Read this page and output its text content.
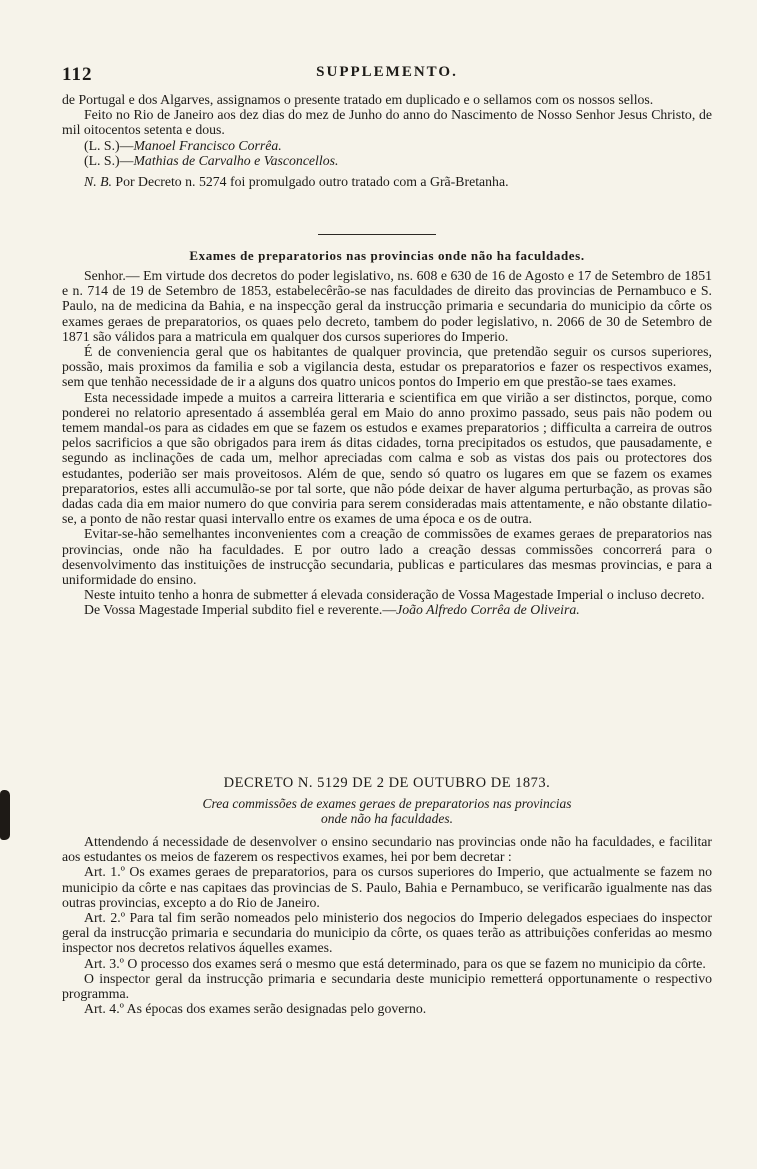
112	SUPPLEMENTO.

de Portugal e dos Algarves, assignamos o presente tratado em duplicado e o sellamos com os nossos sellos.

Feito no Rio de Janeiro aos dez dias do mez de Junho do anno do Nascimento de Nosso Senhor Jesus Christo, de mil oitocentos setenta e dous.

(L. S.)—Manoel Francisco Corrêa.

(L. S.)—Mathias de Carvalho e Vasconcellos.

N. B. Por Decreto n. 5274 foi promulgado outro tratado com a Grã-Bretanha.

Exames de preparatorios nas provincias onde não ha faculdades.

Senhor.— Em virtude dos decretos do poder legislativo, ns. 608 e 630 de 16 de Agosto e 17 de Setembro de 1851 e n. 714 de 19 de Setembro de 1853, estabelecêrão-se nas faculdades de direito das provincias de Pernambuco e S. Paulo, na de medicina da Bahia, e na inspecção geral da instrucção primaria e secundaria do municipio da côrte os exames geraes de preparatorios, os quaes pelo decreto, tambem do poder legislativo, n. 2066 de 30 de Setembro de 1871 são válidos para a matricula em qualquer dos cursos superiores do Imperio.

É de conveniencia geral que os habitantes de qualquer provincia, que pretendão seguir os cursos superiores, possão, mais proximos da familia e sob a vigilancia desta, estudar os preparatorios e fazer os respectivos exames, sem que tenhão necessidade de ir a alguns dos quatro unicos pontos do Imperio em que prestão-se taes exames.

Esta necessidade impede a muitos a carreira litteraria e scientifica em que virião a ser distinctos, porque, como ponderei no relatorio apresentado á assembléa geral em Maio do anno proximo passado, seus pais não podem ou temem mandal-os para as cidades em que se fazem os estudos e exames preparatorios ; difficulta a carreira de outros pelos sacrificios a que são obrigados para irem ás ditas cidades, torna precipitados os estudos, que pausadamente, e segundo as inclinações de cada um, melhor apreciadas com calma e sob as vistas dos pais ou protectores dos estudantes, poderião ser mais proveitosos. Além de que, sendo só quatro os lugares em que se fazem os exames preparatorios, estes alli accumulão-se por tal sorte, que não póde deixar de haver alguma perturbação, as provas são dadas cada dia em maior numero do que conviria para serem consideradas mais attentamente, e não obstante dilatio-se, a ponto de não restar quasi intervallo entre os exames de uma época e os de outra.

Evitar-se-hão semelhantes inconvenientes com a creação de commissões de exames geraes de preparatorios nas provincias, onde não ha faculdades. E por outro lado a creação dessas commissões concorrerá para o desenvolvimento das instituições de instrucção secundaria, publicas e particulares das mesmas provincias, e para a uniformidade do ensino.

Neste intuito tenho a honra de submetter á elevada consideração de Vossa Magestade Imperial o incluso decreto.

De Vossa Magestade Imperial subdito fiel e reverente.—João Alfredo Corrêa de Oliveira.

DECRETO N. 5129 DE 2 DE OUTUBRO DE 1873.
Crea commissões de exames geraes de preparatorios nas provincias
onde não ha faculdades.

Attendendo á necessidade de desenvolver o ensino secundario nas provincias onde não ha faculdades, e facilitar aos estudantes os meios de fazerem os respectivos exames, hei por bem decretar :

Art. 1.º Os exames geraes de preparatorios, para os cursos superiores do Imperio, que actualmente se fazem no municipio da côrte e nas capitaes das provincias de S. Paulo, Bahia e Pernambuco, se verificarão igualmente nas das outras provincias, excepto a do Rio de Janeiro.

Art. 2.º Para tal fim serão nomeados pelo ministerio dos negocios do Imperio delegados especiaes do inspector geral da instrucção primaria e secundaria do municipio da côrte, os quaes terão as attribuições conferidas ao mesmo inspector nos decretos relativos áquelles exames.

Art. 3.º O processo dos exames será o mesmo que está determinado, para os que se fazem no municipio da côrte.

O inspector geral da instrucção primaria e secundaria deste municipio remetterá opportunamente o respectivo programma.

Art. 4.º As épocas dos exames serão designadas pelo governo.
